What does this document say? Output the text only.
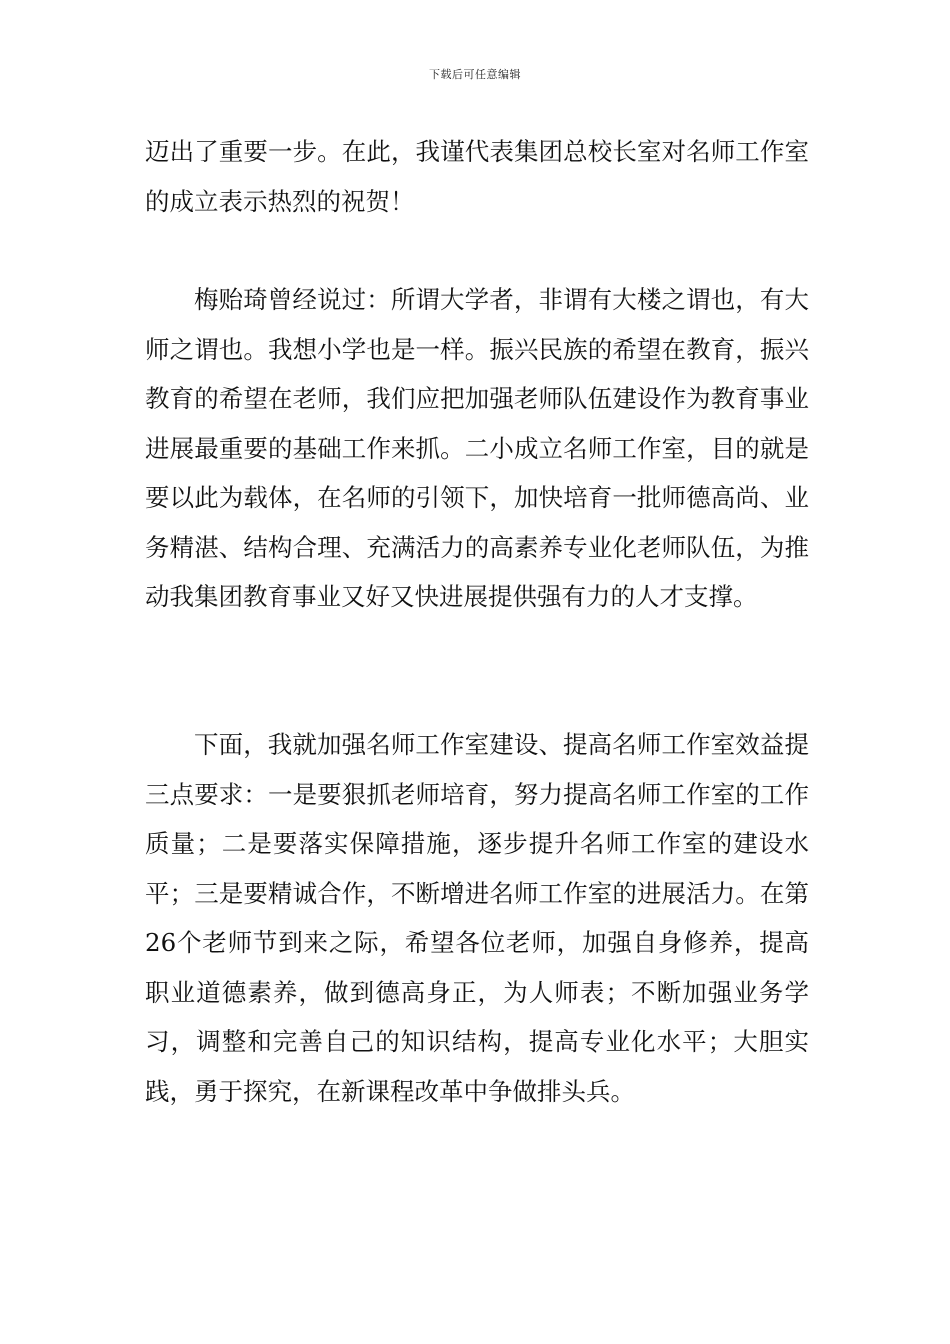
下载后可任意编辑

迈出了重要一步。在此，我谨代表集团总校长室对名师工作室的成立表示热烈的祝贺！

梅贻琦曾经说过：所谓大学者，非谓有大楼之谓也，有大师之谓也。我想小学也是一样。振兴民族的希望在教育，振兴教育的希望在老师，我们应把加强老师队伍建设作为教育事业进展最重要的基础工作来抓。二小成立名师工作室，目的就是要以此为载体，在名师的引领下，加快培育一批师德高尚、业务精湛、结构合理、充满活力的高素养专业化老师队伍，为推动我集团教育事业又好又快进展提供强有力的人才支撑。

下面，我就加强名师工作室建设、提高名师工作室效益提三点要求：一是要狠抓老师培育，努力提高名师工作室的工作质量；二是要落实保障措施，逐步提升名师工作室的建设水平；三是要精诚合作，不断增进名师工作室的进展活力。在第26个老师节到来之际，希望各位老师，加强自身修养，提高职业道德素养，做到德高身正，为人师表；不断加强业务学习，调整和完善自己的知识结构，提高专业化水平；大胆实践，勇于探究，在新课程改革中争做排头兵。
